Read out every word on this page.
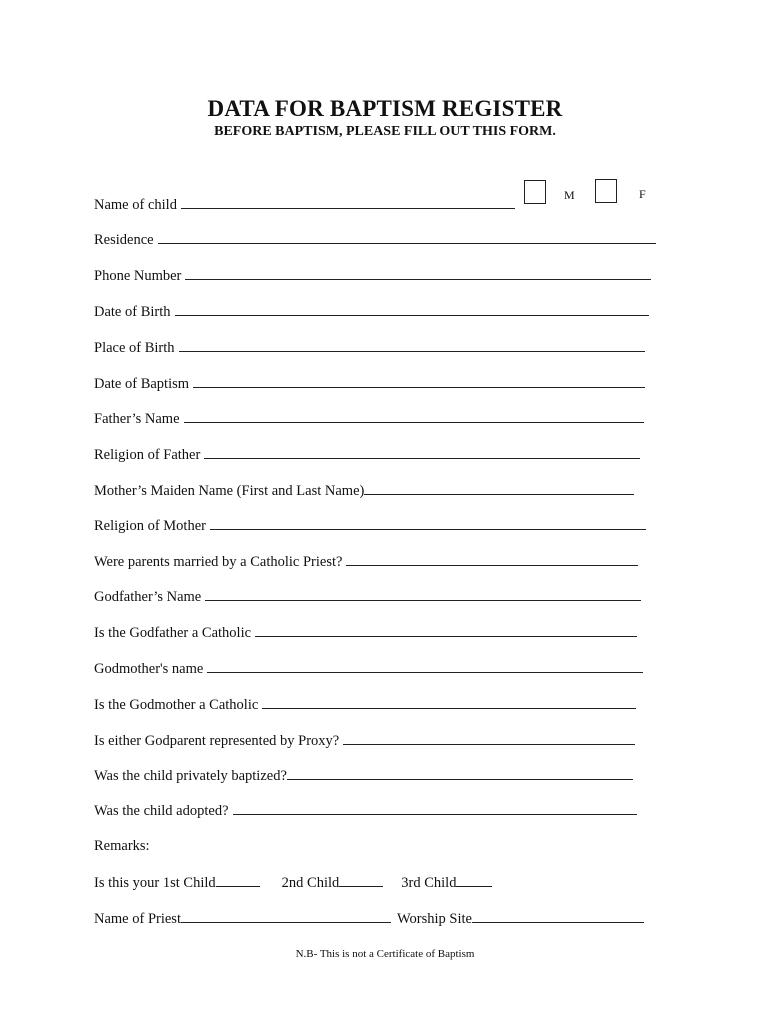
DATA FOR BAPTISM REGISTER
BEFORE BAPTISM, PLEASE FILL OUT THIS FORM.
Name of child
M	F
Residence
Phone Number
Date of Birth
Place of Birth
Date of Baptism
Father’s Name
Religion of Father
Mother’s Maiden Name (First and Last Name)
Religion of Mother
Were parents married by a Catholic Priest?
Godfather’s Name
Is the Godfather a Catholic
Godmother's name
Is the Godmother a Catholic
Is either Godparent represented by Proxy?
Was the child privately baptized?
Was the child adopted?
Remarks:
Is this your 1st Child	2nd Child	3rd Child
Name of Priest	Worship Site
N.B- This is not a Certificate of Baptism
